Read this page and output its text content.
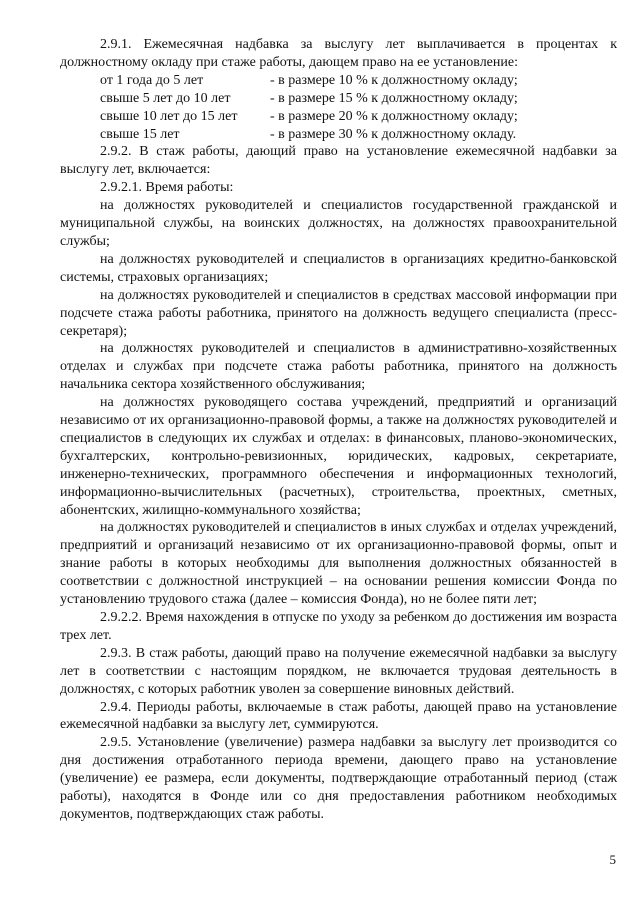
2.9.1. Ежемесячная надбавка за выслугу лет выплачивается в процентах к должностному окладу при стаже работы, дающем право на ее установление:

от 1 года до 5 лет	- в размере 10 % к должностному окладу;
свыше 5 лет до 10 лет	- в размере 15 % к должностному окладу;
свыше 10 лет до 15 лет	- в размере 20 % к должностному окладу;
свыше 15 лет	- в размере 30 % к должностному окладу.

2.9.2. В стаж работы, дающий право на установление ежемесячной надбавки за выслугу лет, включается:

2.9.2.1. Время работы:

на должностях руководителей и специалистов государственной гражданской и муниципальной службы, на воинских должностях, на должностях правоохранительной службы;

на должностях руководителей и специалистов в организациях кредитно-банковской системы, страховых организациях;

на должностях руководителей и специалистов в средствах массовой информации при подсчете стажа работы работника, принятого на должность ведущего специалиста (пресс-секретаря);

на должностях руководителей и специалистов в административно-хозяйственных отделах и службах при подсчете стажа работы работника, принятого на должность начальника сектора хозяйственного обслуживания;

на должностях руководящего состава учреждений, предприятий и организаций независимо от их организационно-правовой формы, а также на должностях руководителей и специалистов в следующих их службах и отделах: в финансовых, планово-экономических, бухгалтерских, контрольно-ревизионных, юридических, кадровых, секретариате, инженерно-технических, программного обеспечения и информационных технологий, информационно-вычислительных (расчетных), строительства, проектных, сметных, абонентских, жилищно-коммунального хозяйства;

на должностях руководителей и специалистов в иных службах и отделах учреждений, предприятий и организаций независимо от их организационно-правовой формы, опыт и знание работы в которых необходимы для выполнения должностных обязанностей в соответствии с должностной инструкцией – на основании решения комиссии Фонда по установлению трудового стажа (далее – комиссия Фонда), но не более пяти лет;

2.9.2.2. Время нахождения в отпуске по уходу за ребенком до достижения им возраста трех лет.

2.9.3. В стаж работы, дающий право на получение ежемесячной надбавки за выслугу лет в соответствии с настоящим порядком, не включается трудовая деятельность в должностях, с которых работник уволен за совершение виновных действий.

2.9.4. Периоды работы, включаемые в стаж работы, дающей право на установление ежемесячной надбавки за выслугу лет, суммируются.

2.9.5. Установление (увеличение) размера надбавки за выслугу лет производится со дня достижения отработанного периода времени, дающего право на установление (увеличение) ее размера, если документы, подтверждающие отработанный период (стаж работы), находятся в Фонде или со дня предоставления работником необходимых документов, подтверждающих стаж работы.

5
